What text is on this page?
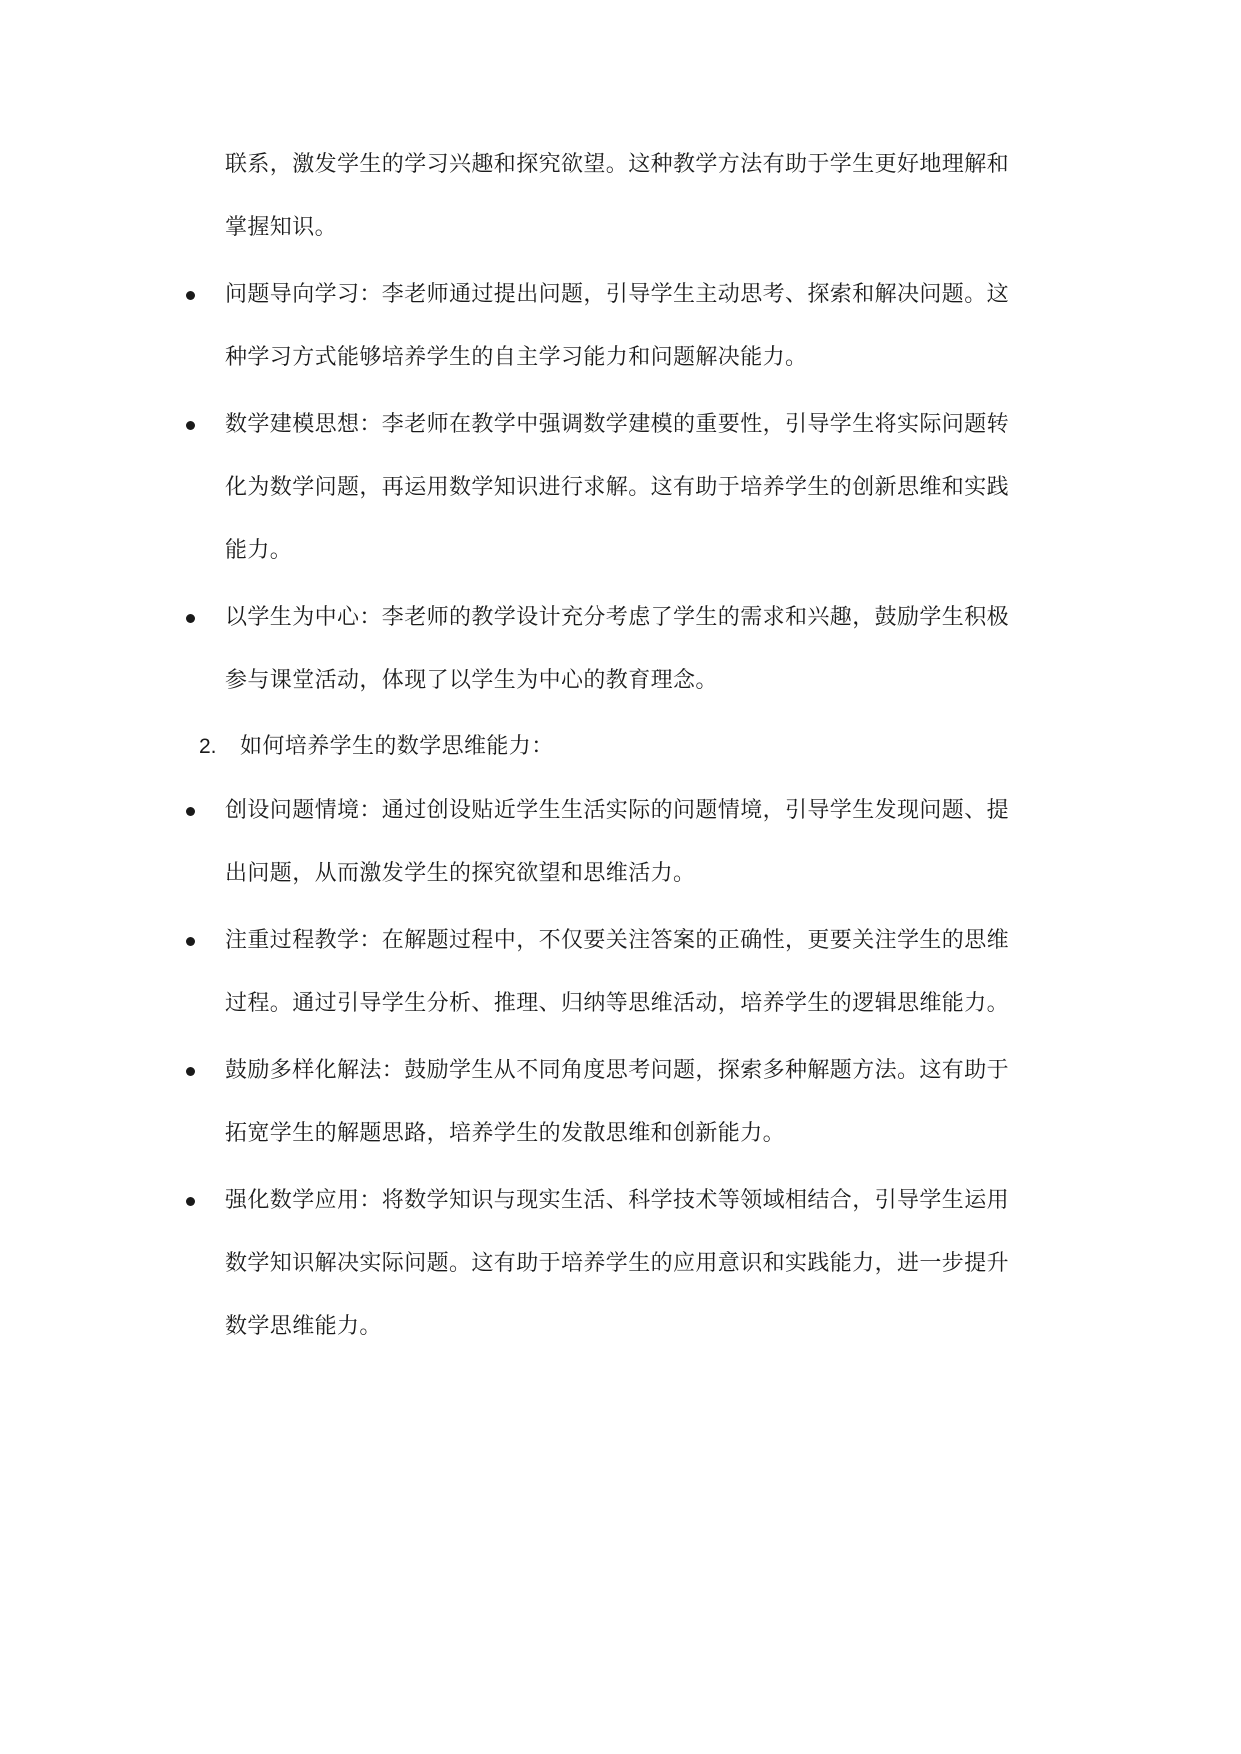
联系，激发学生的学习兴趣和探究欲望。这种教学方法有助于学生更好地理解和
掌握知识。
问题导向学习：李老师通过提出问题，引导学生主动思考、探索和解决问题。这
种学习方式能够培养学生的自主学习能力和问题解决能力。
数学建模思想：李老师在教学中强调数学建模的重要性，引导学生将实际问题转
化为数学问题，再运用数学知识进行求解。这有助于培养学生的创新思维和实践
能力。
以学生为中心：李老师的教学设计充分考虑了学生的需求和兴趣，鼓励学生积极
参与课堂活动，体现了以学生为中心的教育理念。
2. 如何培养学生的数学思维能力：
创设问题情境：通过创设贴近学生生活实际的问题情境，引导学生发现问题、提
出问题，从而激发学生的探究欲望和思维活力。
注重过程教学：在解题过程中，不仅要关注答案的正确性，更要关注学生的思维
过程。通过引导学生分析、推理、归纳等思维活动，培养学生的逻辑思维能力。
鼓励多样化解法：鼓励学生从不同角度思考问题，探索多种解题方法。这有助于
拓宽学生的解题思路，培养学生的发散思维和创新能力。
强化数学应用：将数学知识与现实生活、科学技术等领域相结合，引导学生运用
数学知识解决实际问题。这有助于培养学生的应用意识和实践能力，进一步提升
数学思维能力。
